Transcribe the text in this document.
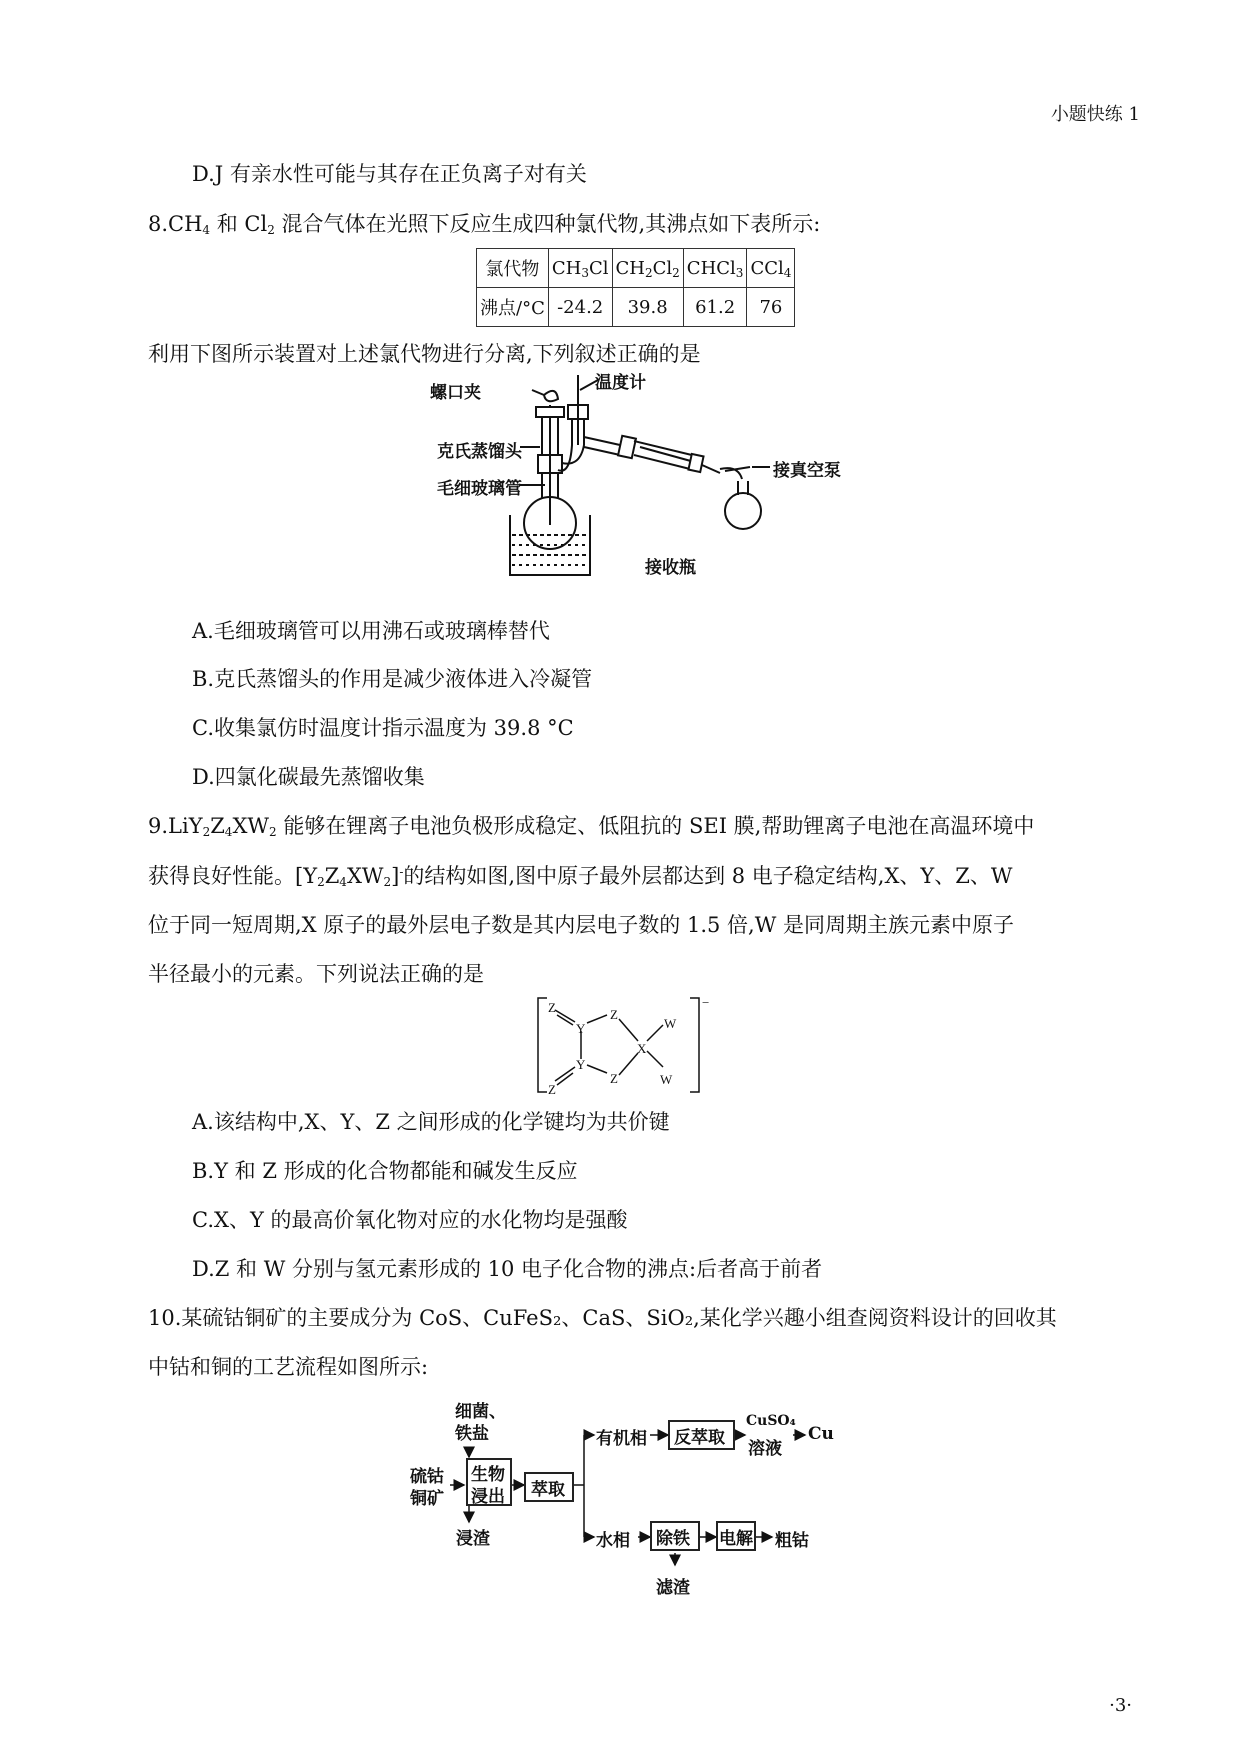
小题快练 1
D.J 有亲水性可能与其存在正负离子对有关
$8.CH_4$ 和 $Cl_2$ 混合气体在光照下反应生成四种氯代物,其沸点如下表所示:
氯代物	$CH_3Cl$	$CH_2Cl_2$	CHCl$_3$	CCl$_4$
沸点/°C	-24.2	39.8	61.2	76
利用下图所示装置对上述氯代物进行分离,下列叙述正确的是
螺口夹	温度计
克氏蒸馏头
毛细玻璃管
接真空泵
接收瓶
A.毛细玻璃管可以用沸石或玻璃棒替代
B.克氏蒸馏头的作用是减少液体进入冷凝管
C.收集氯仿时温度计指示温度为 39.8 °C
D.四氯化碳最先蒸馏收集
$9.LiY_2Z_4XW_2$ 能够在锂离子电池负极形成稳定、低阻抗的 SEI 膜,帮助锂离子电池在高温环境中
获得良好性能。$[Y_2Z_4XW_2]^-$的结构如图,图中原子最外层都达到 8 电子稳定结构,X、Y、Z、W
位于同一短周期,X 原子的最外层电子数是其内层电子数的 1.5 倍,W 是同周期主族元素中原子
半径最小的元素。下列说法正确的是
Z
Y
Z
X
W
Y
Z
Z
W
−
A.该结构中,X、Y、Z 之间形成的化学键均为共价键
B.Y 和 Z 形成的化合物都能和碱发生反应
C.X、Y 的最高价氧化物对应的水化物均是强酸
D.Z 和 W 分别与氢元素形成的 10 电子化合物的沸点:后者高于前者
10.某硫钴铜矿的主要成分为 CoS、CuFeS₂、CaS、SiO₂,某化学兴趣小组查阅资料设计的回收其
中钴和铜的工艺流程如图所示:
细菌、
铁盐
硫钴
铜矿
生物
浸出
浸渣
萃取
有机相 反萃取
CuSO₄
溶液
Cu
水相 除铁
滤渣
电解 粗钴
·3·
